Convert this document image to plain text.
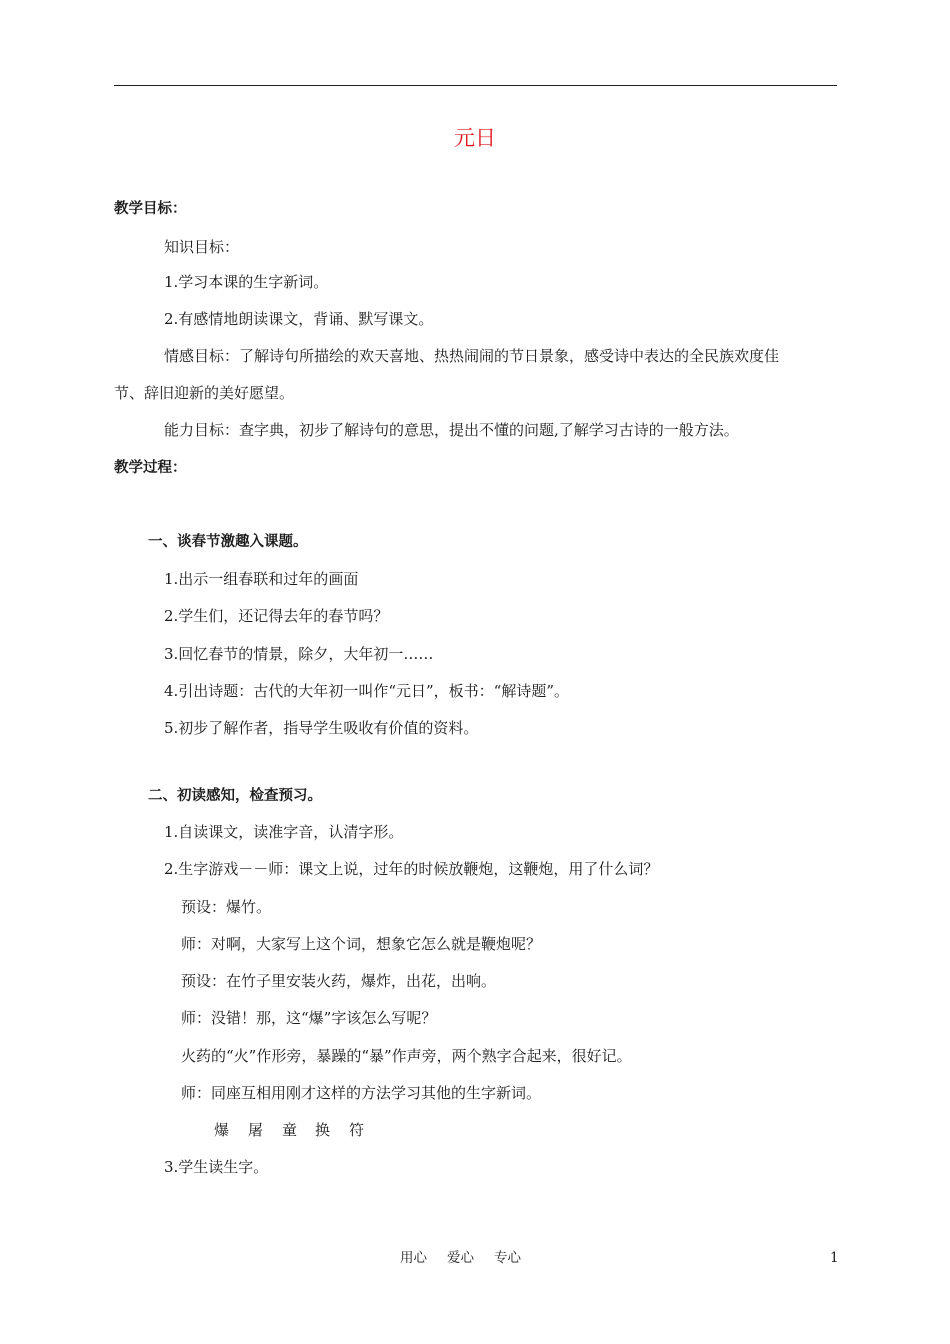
元日
教学目标：
知识目标：
1.学习本课的生字新词。
2.有感情地朗读课文，背诵、默写课文。
情感目标：了解诗句所描绘的欢天喜地、热热闹闹的节日景象，感受诗中表达的全民族欢度佳
节、辞旧迎新的美好愿望。
能力目标：查字典，初步了解诗句的意思，提出不懂的问题,了解学习古诗的一般方法。
教学过程：
一、谈春节激趣入课题。
1.出示一组春联和过年的画面
2.学生们，还记得去年的春节吗？
3.回忆春节的情景，除夕，大年初一……
4.引出诗题：古代的大年初一叫作“元日”，板书：“解诗题”。
5.初步了解作者，指导学生吸收有价值的资料。
二、初读感知，检查预习。
1.自读课文，读准字音，认清字形。
2.生字游戏－－师：课文上说，过年的时候放鞭炮，这鞭炮，用了什么词？
预设：爆竹。
师：对啊，大家写上这个词，想象它怎么就是鞭炮呢？
预设：在竹子里安装火药，爆炸，出花，出响。
师：没错！那，这“爆”字该怎么写呢？
火药的“火”作形旁，暴躁的“暴”作声旁，两个熟字合起来，很好记。
师：同座互相用刚才这样的方法学习其他的生字新词。
爆 屠 童 换 符
3.学生读生字。
用心 爱心 专心	1
